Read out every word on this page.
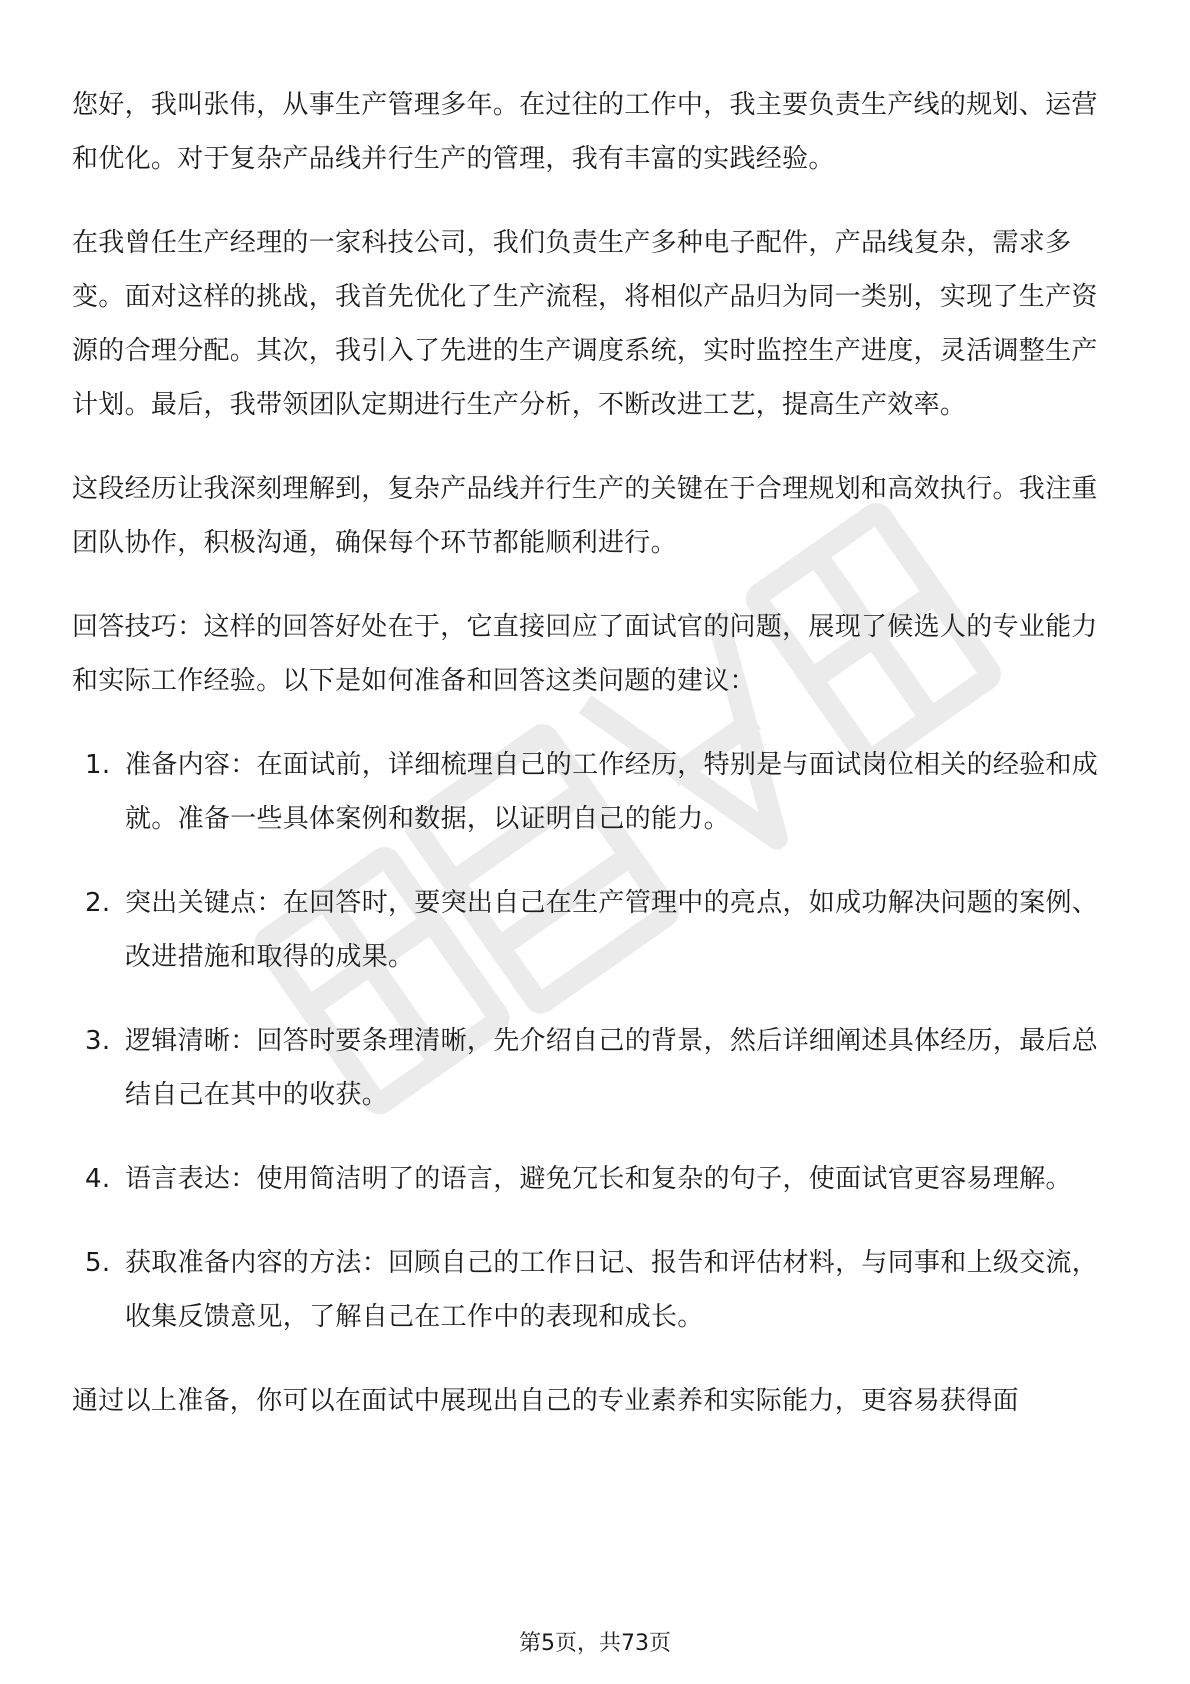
您好，我叫张伟，从事生产管理多年。在过往的工作中，我主要负责生产线的规划、运营和优化。对于复杂产品线并行生产的管理，我有丰富的实践经验。

在我曾任生产经理的一家科技公司，我们负责生产多种电子配件，产品线复杂，需求多变。面对这样的挑战，我首先优化了生产流程，将相似产品归为同一类别，实现了生产资源的合理分配。其次，我引入了先进的生产调度系统，实时监控生产进度，灵活调整生产计划。最后，我带领团队定期进行生产分析，不断改进工艺，提高生产效率。

这段经历让我深刻理解到，复杂产品线并行生产的关键在于合理规划和高效执行。我注重团队协作，积极沟通，确保每个环节都能顺利进行。

回答技巧：这样的回答好处在于，它直接回应了面试官的问题，展现了候选人的专业能力和实际工作经验。以下是如何准备和回答这类问题的建议：

1. 准备内容：在面试前，详细梳理自己的工作经历，特别是与面试岗位相关的经验和成就。准备一些具体案例和数据，以证明自己的能力。
2. 突出关键点：在回答时，要突出自己在生产管理中的亮点，如成功解决问题的案例、改进措施和取得的成果。
3. 逻辑清晰：回答时要条理清晰，先介绍自己的背景，然后详细阐述具体经历，最后总结自己在其中的收获。
4. 语言表达：使用简洁明了的语言，避免冗长和复杂的句子，使面试官更容易理解。
5. 获取准备内容的方法：回顾自己的工作日记、报告和评估材料，与同事和上级交流，收集反馈意见，了解自己在工作中的表现和成长。

通过以上准备，你可以在面试中展现出自己的专业素养和实际能力，更容易获得面

第5页，共73页
